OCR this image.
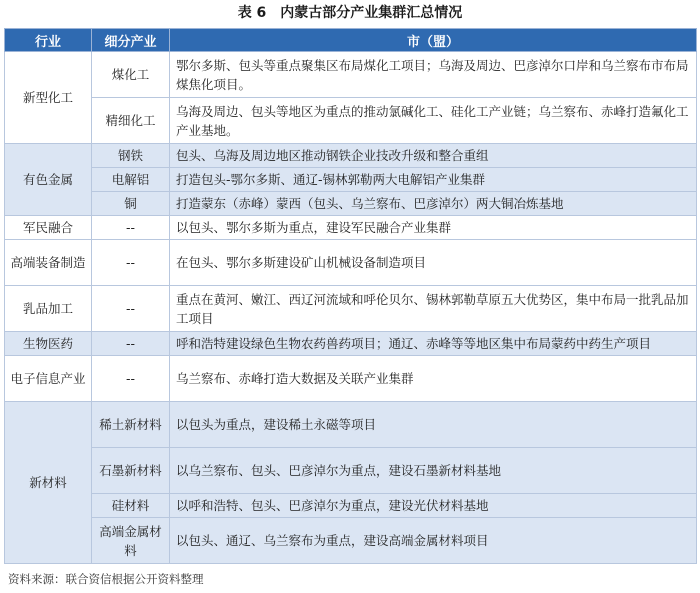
表 6　内蒙古部分产业集群汇总情况
行业	细分产业	市（盟）
新型化工	煤化工	鄂尔多斯、包头等重点聚集区布局煤化工项目；乌海及周边、巴彦淖尔口岸和乌兰察布市布局煤焦化项目。
	精细化工	乌海及周边、包头等地区为重点的推动氯碱化工、硅化工产业链；乌兰察布、赤峰打造氟化工产业基地。
有色金属	钢铁	包头、乌海及周边地区推动钢铁企业技改升级和整合重组
	电解铝	打造包头-鄂尔多斯、通辽-锡林郭勒两大电解铝产业集群
	铜	打造蒙东（赤峰）蒙西（包头、乌兰察布、巴彦淖尔）两大铜冶炼基地
军民融合	--	以包头、鄂尔多斯为重点，建设军民融合产业集群
高端装备制造	--	在包头、鄂尔多斯建设矿山机械设备制造项目
乳品加工	--	重点在黄河、嫩江、西辽河流域和呼伦贝尔、锡林郭勒草原五大优势区，集中布局一批乳品加工项目
生物医药	--	呼和浩特建设绿色生物农药兽药项目；通辽、赤峰等等地区集中布局蒙药中药生产项目
电子信息产业	--	乌兰察布、赤峰打造大数据及关联产业集群
新材料	稀土新材料	以包头为重点，建设稀土永磁等项目
	石墨新材料	以乌兰察布、包头、巴彦淖尔为重点，建设石墨新材料基地
	硅材料	以呼和浩特、包头、巴彦淖尔为重点，建设光伏材料基地
	高端金属材料	以包头、通辽、乌兰察布为重点，建设高端金属材料项目
资料来源：联合资信根据公开资料整理
